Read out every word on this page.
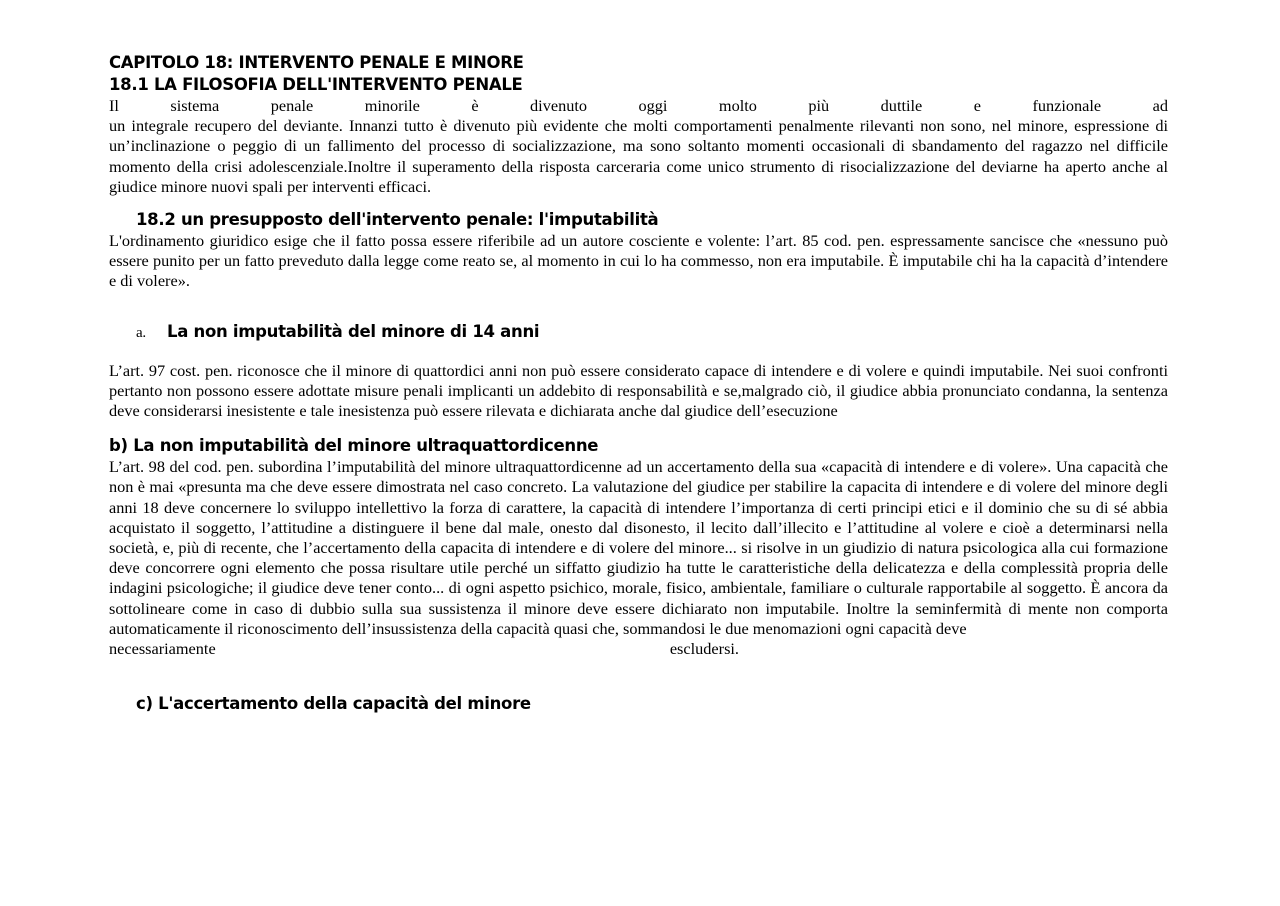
CAPITOLO 18: INTERVENTO PENALE E MINORE
18.1 LA FILOSOFIA DELL'INTERVENTO PENALE

Il sistema penale minorile è divenuto oggi molto più duttile e funzionale ad

un integrale recupero del deviante. Innanzi tutto è divenuto più evidente che molti comportamenti penalmente rilevanti non sono, nel minore, espressione di un’inclinazione o peggio di un fallimento del processo di socializzazione, ma sono soltanto momenti occasionali di sbandamento del ragazzo nel difficile momento della crisi adolescenziale.Inoltre il superamento della risposta carceraria come unico strumento di risocializzazione del deviarne ha aperto anche al giudice minore nuovi spali per interventi efficaci.

18.2 un presupposto dell'intervento penale: l'imputabilità

L'ordinamento giuridico esige che il fatto possa essere riferibile ad un autore cosciente e volente: l’art. 85 cod. pen. espressamente sancisce che «nessuno può essere punito per un fatto preveduto dalla legge come reato se, al momento in cui lo ha commesso, non era imputabile. È imputabile chi ha la capacità d’intendere e di volere».

a.	La non imputabilità del minore di 14 anni

L’art. 97 cost. pen. riconosce che il minore di quattordici anni non può essere considerato capace di intendere e di volere e quindi imputabile. Nei suoi confronti pertanto non possono essere adottate misure penali implicanti un addebito di responsabilità e se,malgrado ciò, il giudice abbia pronunciato condanna, la sentenza deve considerarsi inesistente e tale inesistenza può essere rilevata e dichiarata anche dal giudice dell’esecuzione

b) La non imputabilità del minore ultraquattordicenne

L’art. 98 del cod. pen. subordina l’imputabilità del minore ultraquattordicenne ad un accertamento della sua «capacità di intendere e di volere». Una capacità che non è mai «presunta ma che deve essere dimostrata nel caso concreto. La valutazione del giudice per stabilire la capacita di intendere e di volere del minore degli anni 18 deve concernere lo sviluppo intellettivo la forza di carattere, la capacità di intendere l’importanza di certi principi etici e il dominio che su di sé abbia acquistato il soggetto, l’attitudine a distinguere il bene dal male, onesto dal disonesto, il lecito dall’illecito e l’attitudine al volere e cioè a determinarsi nella società, e, più di recente, che l’accertamento della capacita di intendere e di volere del minore... si risolve in un giudizio di natura psicologica alla cui formazione deve concorrere ogni elemento che possa risultare utile perché un siffatto giudizio ha tutte le caratteristiche della delicatezza e della complessità propria delle indagini psicologiche; il giudice deve tener conto... di ogni aspetto psichico, morale, fisico, ambientale, familiare o culturale rapportabile al soggetto. È ancora da sottolineare come in caso di dubbio sulla sua sussistenza il minore deve essere dichiarato non imputabile. Inoltre la seminfermità di mente non comporta automaticamente il riconoscimento dell’insussistenza della capacità quasi che, sommandosi le due menomazioni ogni capacità deve

necessariamente	escludersi.

c) L'accertamento della capacità del minore
